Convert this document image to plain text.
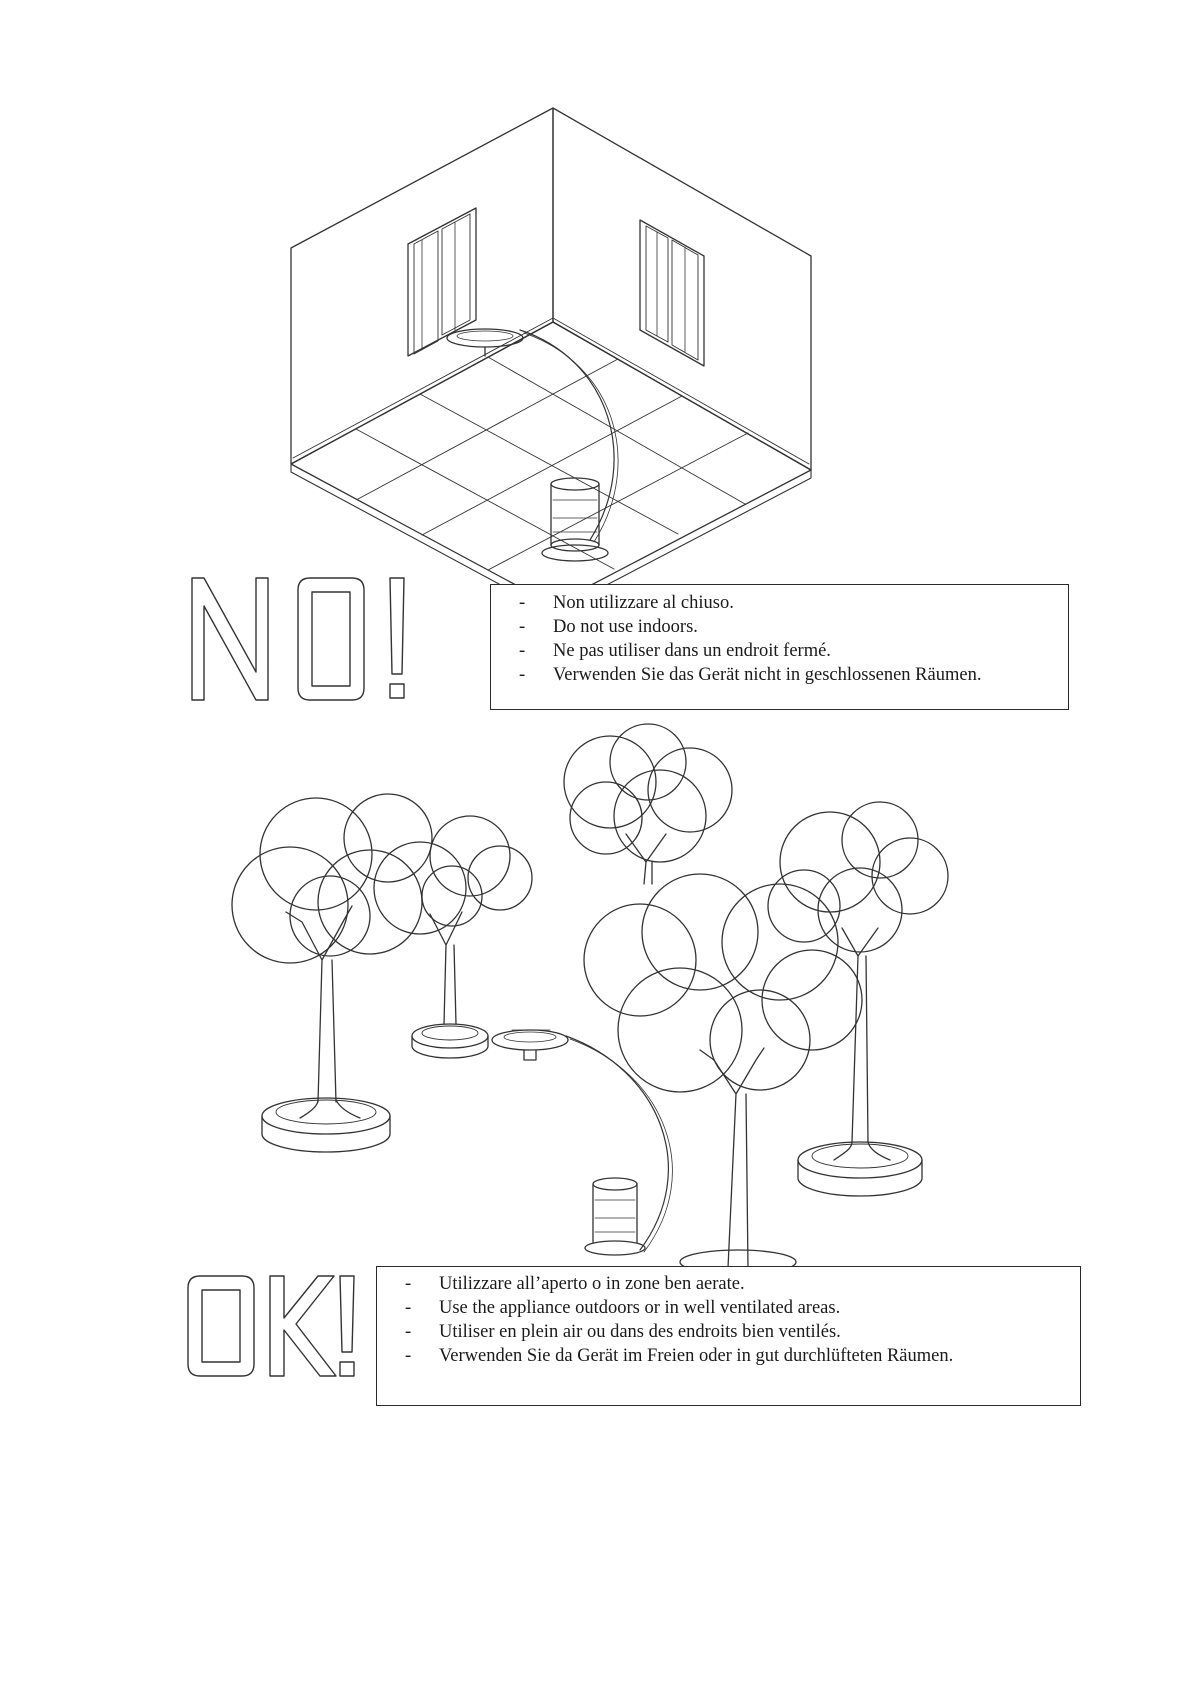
-	Non utilizzare al chiuso.
-	Do not use indoors.
-	Ne pas utiliser dans un endroit fermé.
-	Verwenden Sie das Gerät nicht in geschlossenen Räumen.
-	Utilizzare all’aperto o in zone ben aerate.
-	Use the appliance outdoors or in well ventilated areas.
-	Utiliser en plein air ou dans des endroits bien ventilés.
-	Verwenden Sie da Gerät im Freien oder in gut durchlüfteten Räumen.
